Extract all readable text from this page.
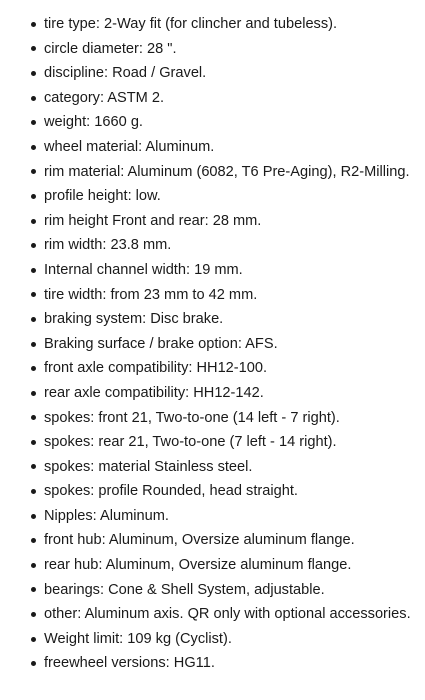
tire type: 2-Way fit (for clincher and tubeless).
circle diameter: 28 ".
discipline: Road / Gravel.
category: ASTM 2.
weight: 1660 g.
wheel material: Aluminum.
rim material: Aluminum (6082, T6 Pre-Aging), R2-Milling.
profile height: low.
rim height Front and rear: 28 mm.
rim width: 23.8 mm.
Internal channel width: 19 mm.
tire width: from 23 mm to 42 mm.
braking system: Disc brake.
Braking surface / brake option: AFS.
front axle compatibility: HH12-100.
rear axle compatibility: HH12-142.
spokes: front 21, Two-to-one (14 left - 7 right).
spokes: rear 21, Two-to-one (7 left - 14 right).
spokes: material Stainless steel.
spokes: profile Rounded, head straight.
Nipples: Aluminum.
front hub: Aluminum, Oversize aluminum flange.
rear hub: Aluminum, Oversize aluminum flange.
bearings: Cone & Shell System, adjustable.
other: Aluminum axis. QR only with optional accessories.
Weight limit: 109 kg (Cyclist).
freewheel versions: HG11.
